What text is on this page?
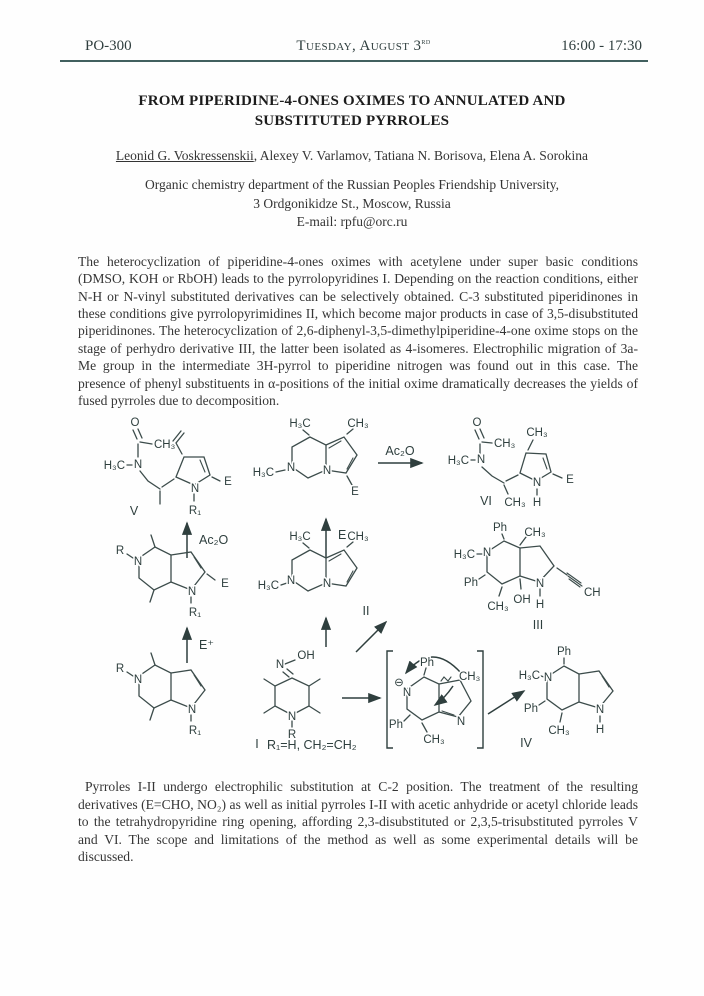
PO-300	Tuesday, August 3rd	16:00 - 17:30
FROM PIPERIDINE-4-ONES OXIMES TO ANNULATED AND
SUBSTITUTED PYRROLES
Leonid G. Voskressenskii, Alexey V. Varlamov, Tatiana N. Borisova, Elena A. Sorokina
Organic chemistry department of the Russian Peoples Friendship University,
3 Ordgonikidze St., Moscow, Russia
E-mail: rpfu@orc.ru

The heterocyclization of piperidine-4-ones oximes with acetylene under super basic conditions (DMSO, KOH or RbOH) leads to the pyrrolopyridines I. Depending on the reaction conditions, either N-H or N-vinyl substituted derivatives can be selectively obtained. C-3 substituted piperidinones in these conditions give pyrrolopyrimidines II, which become major products in case of 3,5-disubstituted piperidinones. The heterocyclization of 2,6-diphenyl-3,5-dimethylpiperidine-4-one oxime stops on the stage of perhydro derivative III, the latter been isolated as 4-isomeres. Electrophilic migration of 3a-Me group in the intermediate 3H-pyrrol to piperidine nitrogen was found out in this case. The presence of phenyl substituents in α-positions of the initial oxime dramatically decreases the yields of fused pyrroles due to decomposition.

O
CH₃
H₃C N
N
E
R₁
V
Ac₂O
R
N
N
E
R₁
E⁺
R
N
N
R₁
I R₁=H, CH₂=CH₂
H₃C	CH₃
H₃C N N
E
Ac₂O
E⁺
H₃C	CH₃
H₃C N N
II
N
OH
N
R
Ph
⊖
N
CH₃
N
Ph
CH₃
Ph
H₃C N
Ph
CH₃
N
H
IV
O
CH₃
H₃C N
CH₃
CH₃
N
H
E
VI
Ph CH₃
H₃C N
Ph
CH₃
OH
N
H
CH
III

Pyrroles I-II undergo electrophilic substitution at C-2 position. The treatment of the resulting derivatives (E=CHO, NO₂) as well as initial pyrroles I-II with acetic anhydride or acetyl chloride leads to the tetrahydropyridine ring opening, affording 2,3-disubstituted or 2,3,5-trisubstituted pyrroles V and VI. The scope and limitations of the method as well as some experimental details will be discussed.
